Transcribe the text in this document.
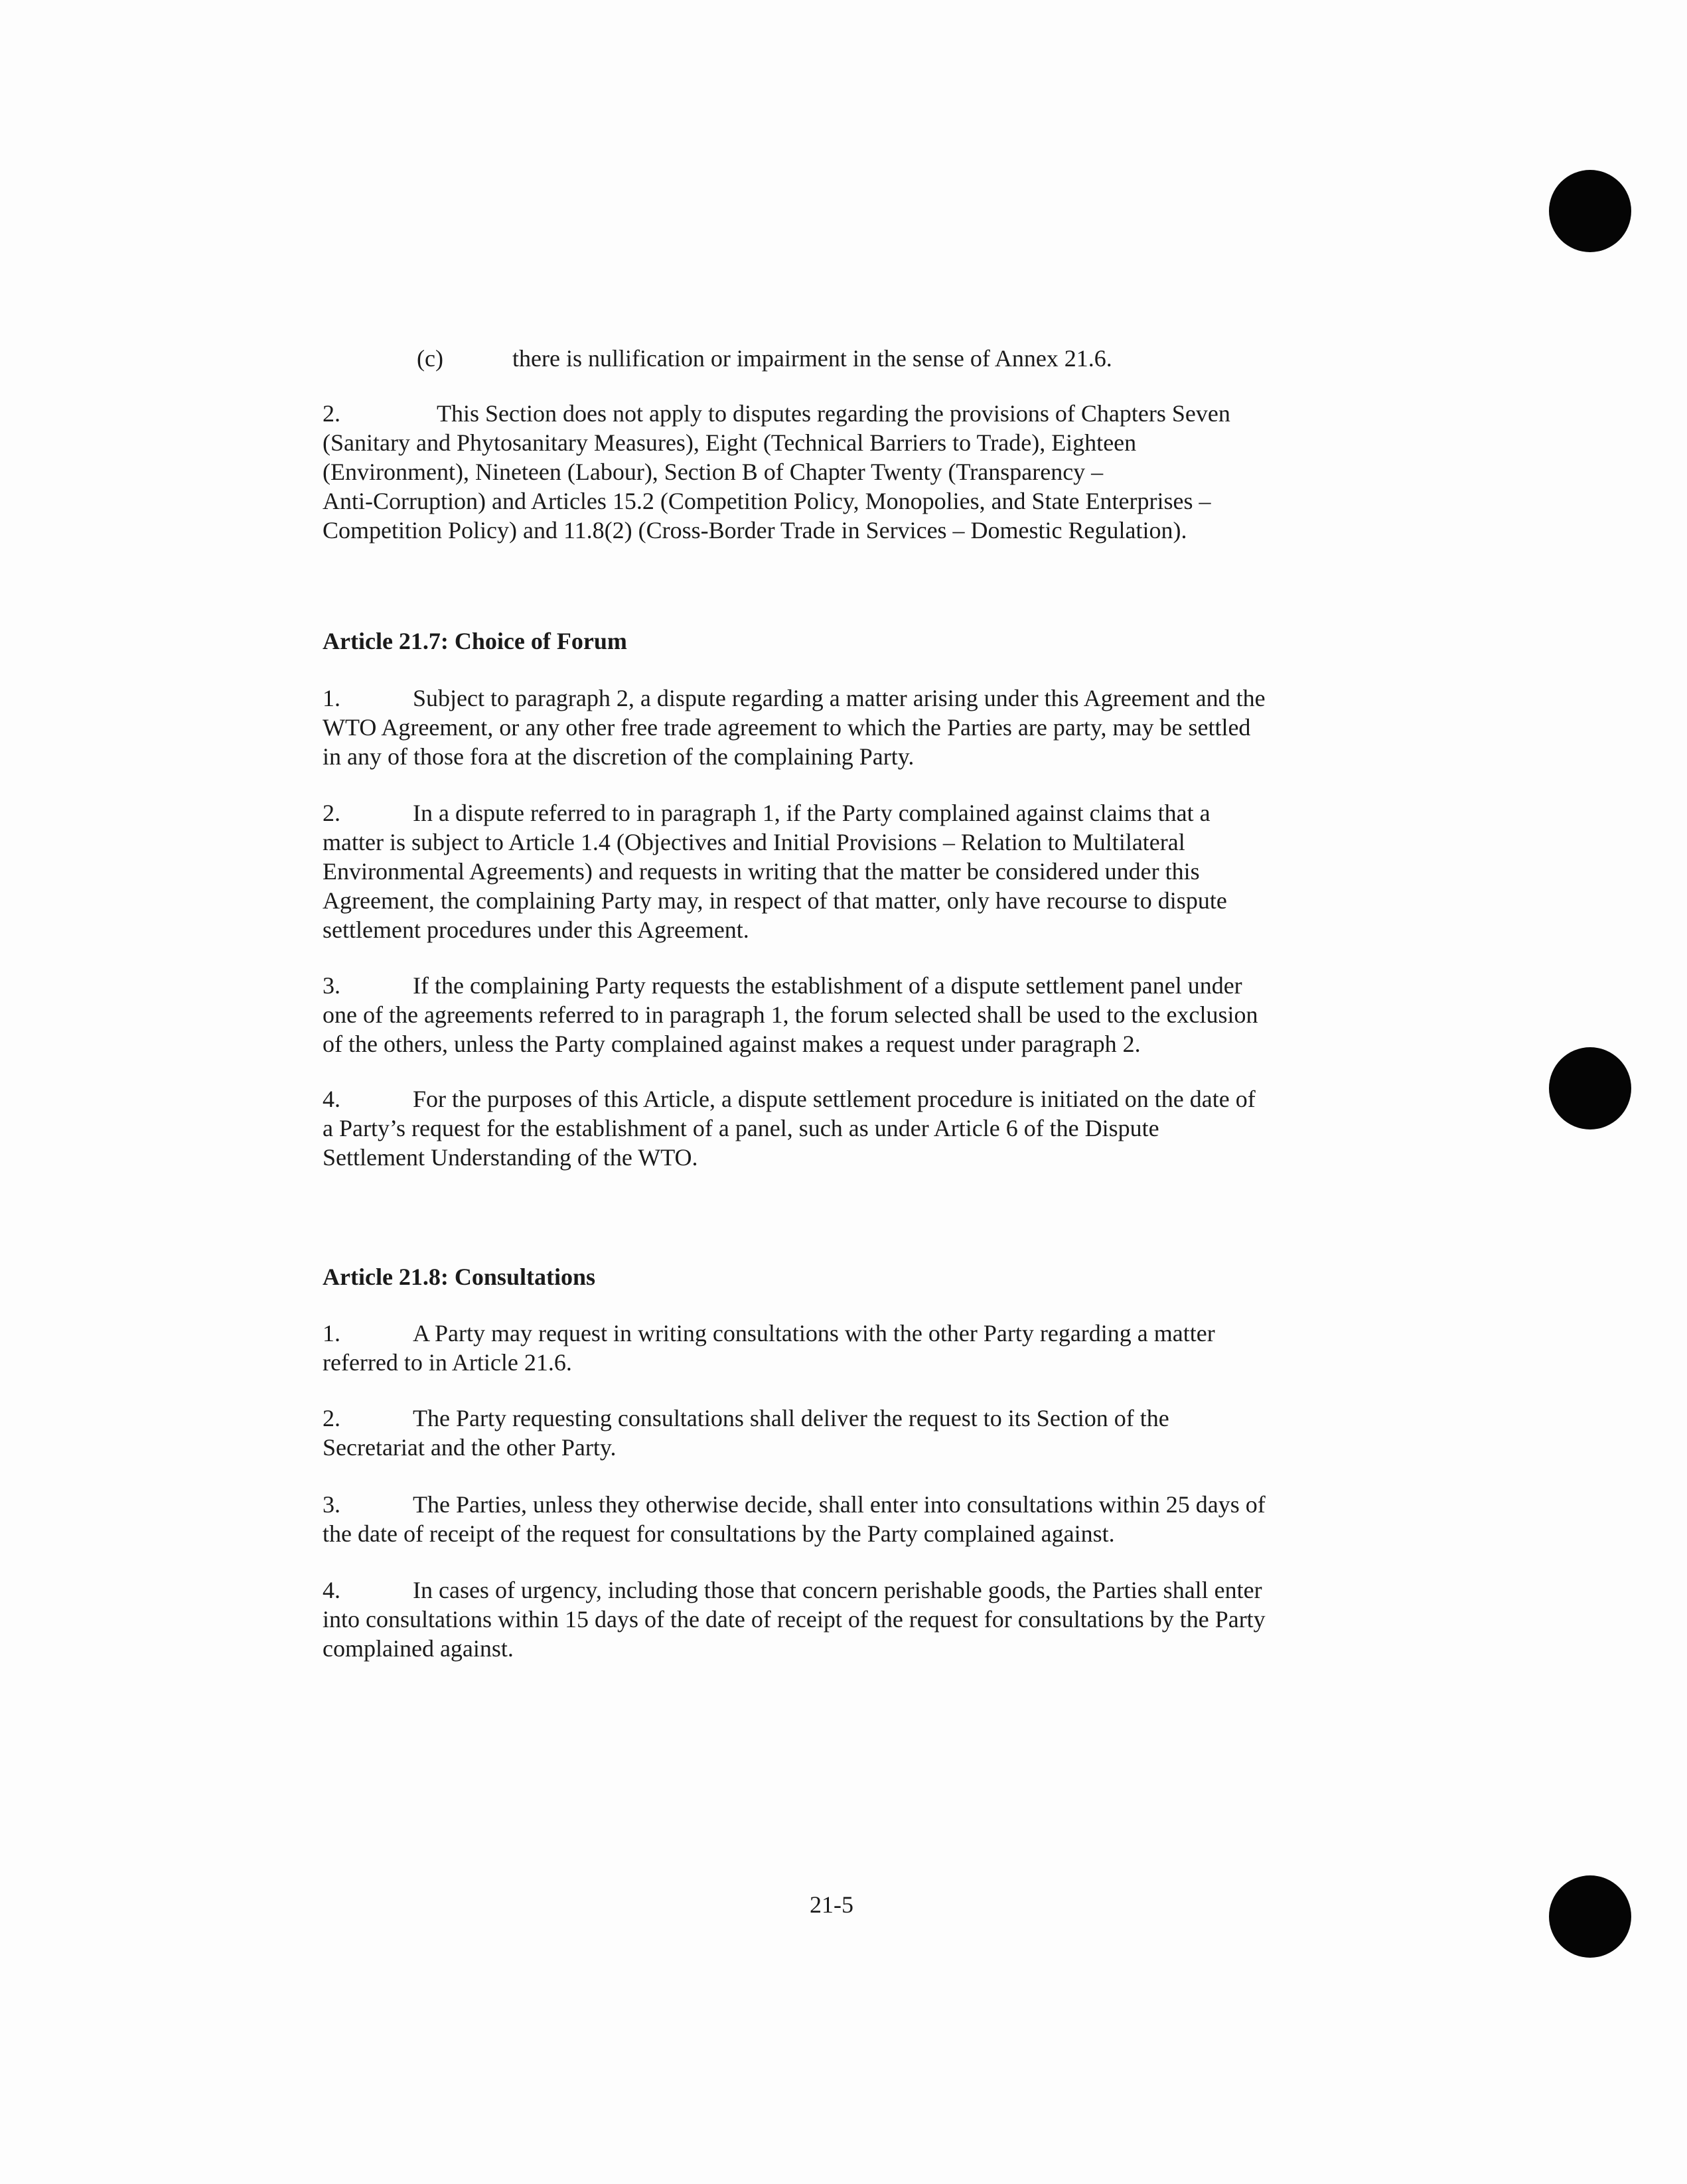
(c)	there is nullification or impairment in the sense of Annex 21.6.
2.	This Section does not apply to disputes regarding the provisions of Chapters Seven
(Sanitary and Phytosanitary Measures), Eight (Technical Barriers to Trade), Eighteen
(Environment), Nineteen (Labour), Section B of Chapter Twenty (Transparency –
Anti-Corruption) and Articles 15.2 (Competition Policy, Monopolies, and State Enterprises –
Competition Policy) and 11.8(2) (Cross-Border Trade in Services – Domestic Regulation).
Article 21.7: Choice of Forum
1.	Subject to paragraph 2, a dispute regarding a matter arising under this Agreement and the
WTO Agreement, or any other free trade agreement to which the Parties are party, may be settled
in any of those fora at the discretion of the complaining Party.
2.	In a dispute referred to in paragraph 1, if the Party complained against claims that a
matter is subject to Article 1.4 (Objectives and Initial Provisions – Relation to Multilateral
Environmental Agreements) and requests in writing that the matter be considered under this
Agreement, the complaining Party may, in respect of that matter, only have recourse to dispute
settlement procedures under this Agreement.
3.	If the complaining Party requests the establishment of a dispute settlement panel under
one of the agreements referred to in paragraph 1, the forum selected shall be used to the exclusion
of the others, unless the Party complained against makes a request under paragraph 2.
4.	For the purposes of this Article, a dispute settlement procedure is initiated on the date of
a Party’s request for the establishment of a panel, such as under Article 6 of the Dispute
Settlement Understanding of the WTO.
Article 21.8: Consultations
1.	A Party may request in writing consultations with the other Party regarding a matter
referred to in Article 21.6.
2.	The Party requesting consultations shall deliver the request to its Section of the
Secretariat and the other Party.
3.	The Parties, unless they otherwise decide, shall enter into consultations within 25 days of
the date of receipt of the request for consultations by the Party complained against.
4.	In cases of urgency, including those that concern perishable goods, the Parties shall enter
into consultations within 15 days of the date of receipt of the request for consultations by the Party
complained against.
21-5
